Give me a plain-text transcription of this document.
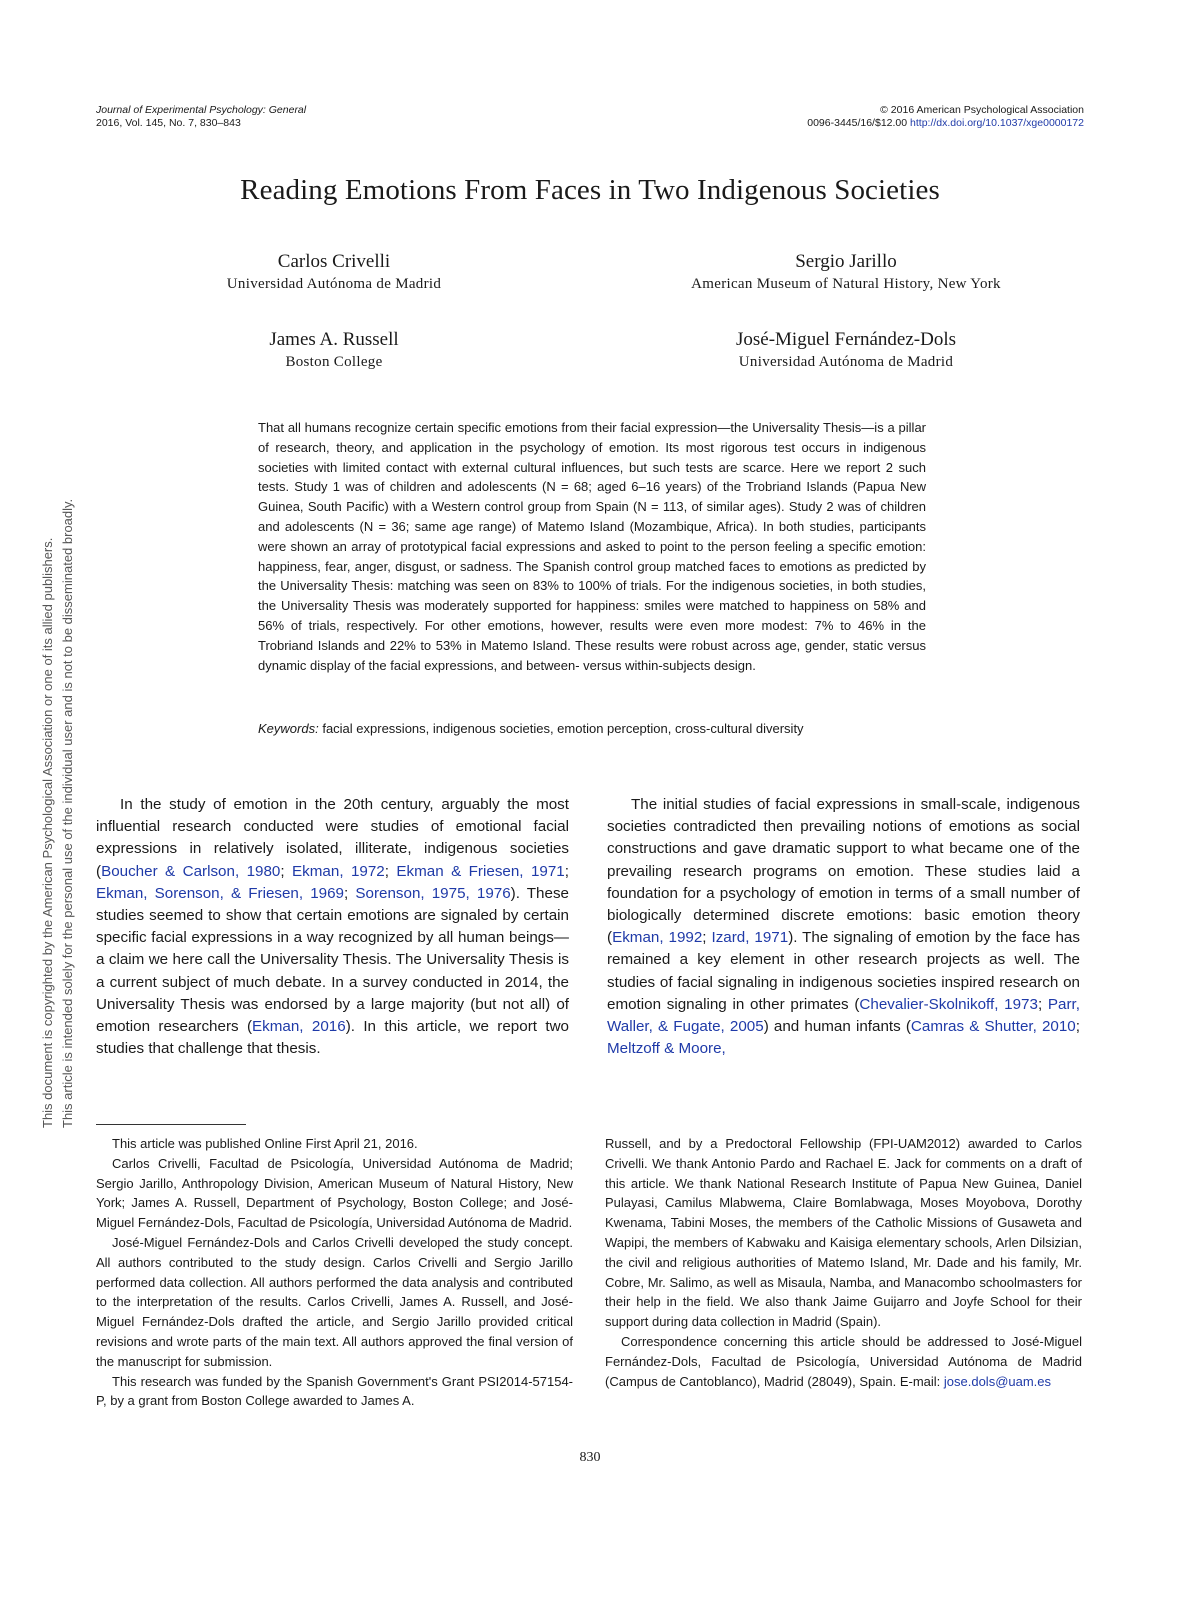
Journal of Experimental Psychology: General
2016, Vol. 145, No. 7, 830–843
© 2016 American Psychological Association
0096-3445/16/$12.00 http://dx.doi.org/10.1037/xge0000172
This document is copyrighted by the American Psychological Association or one of its allied publishers. This article is intended solely for the personal use of the individual user and is not to be disseminated broadly.
Reading Emotions From Faces in Two Indigenous Societies
Carlos Crivelli
Universidad Autónoma de Madrid
Sergio Jarillo
American Museum of Natural History, New York
James A. Russell
Boston College
José-Miguel Fernández-Dols
Universidad Autónoma de Madrid
That all humans recognize certain specific emotions from their facial expression—the Universality Thesis—is a pillar of research, theory, and application in the psychology of emotion. Its most rigorous test occurs in indigenous societies with limited contact with external cultural influences, but such tests are scarce. Here we report 2 such tests. Study 1 was of children and adolescents (N = 68; aged 6–16 years) of the Trobriand Islands (Papua New Guinea, South Pacific) with a Western control group from Spain (N = 113, of similar ages). Study 2 was of children and adolescents (N = 36; same age range) of Matemo Island (Mozambique, Africa). In both studies, participants were shown an array of prototypical facial expressions and asked to point to the person feeling a specific emotion: happiness, fear, anger, disgust, or sadness. The Spanish control group matched faces to emotions as predicted by the Universality Thesis: matching was seen on 83% to 100% of trials. For the indigenous societies, in both studies, the Universality Thesis was moderately supported for happiness: smiles were matched to happiness on 58% and 56% of trials, respectively. For other emotions, however, results were even more modest: 7% to 46% in the Trobriand Islands and 22% to 53% in Matemo Island. These results were robust across age, gender, static versus dynamic display of the facial expressions, and between- versus within-subjects design.
Keywords: facial expressions, indigenous societies, emotion perception, cross-cultural diversity

In the study of emotion in the 20th century, arguably the most influential research conducted were studies of emotional facial expressions in relatively isolated, illiterate, indigenous societies (Boucher & Carlson, 1980; Ekman, 1972; Ekman & Friesen, 1971; Ekman, Sorenson, & Friesen, 1969; Sorenson, 1975, 1976). These studies seemed to show that certain emotions are signaled by certain specific facial expressions in a way recognized by all human beings—a claim we here call the Universality Thesis. The Universality Thesis is a current subject of much debate. In a survey conducted in 2014, the Universality Thesis was endorsed by a large majority (but not all) of emotion researchers (Ekman, 2016). In this article, we report two studies that challenge that thesis.

The initial studies of facial expressions in small-scale, indigenous societies contradicted then prevailing notions of emotions as social constructions and gave dramatic support to what became one of the prevailing research programs on emotion. These studies laid a foundation for a psychology of emotion in terms of a small number of biologically determined discrete emotions: basic emotion theory (Ekman, 1992; Izard, 1971). The signaling of emotion by the face has remained a key element in other research projects as well. The studies of facial signaling in indigenous societies inspired research on emotion signaling in other primates (Chevalier-Skolnikoff, 1973; Parr, Waller, & Fugate, 2005) and human infants (Camras & Shutter, 2010; Meltzoff & Moore,

This article was published Online First April 21, 2016.

Carlos Crivelli, Facultad de Psicología, Universidad Autónoma de Madrid; Sergio Jarillo, Anthropology Division, American Museum of Natural History, New York; James A. Russell, Department of Psychology, Boston College; and José-Miguel Fernández-Dols, Facultad de Psicología, Universidad Autónoma de Madrid.

José-Miguel Fernández-Dols and Carlos Crivelli developed the study concept. All authors contributed to the study design. Carlos Crivelli and Sergio Jarillo performed data collection. All authors performed the data analysis and contributed to the interpretation of the results. Carlos Crivelli, James A. Russell, and José-Miguel Fernández-Dols drafted the article, and Sergio Jarillo provided critical revisions and wrote parts of the main text. All authors approved the final version of the manuscript for submission.

This research was funded by the Spanish Government's Grant PSI2014-57154-P, by a grant from Boston College awarded to James A.

Russell, and by a Predoctoral Fellowship (FPI-UAM2012) awarded to Carlos Crivelli. We thank Antonio Pardo and Rachael E. Jack for comments on a draft of this article. We thank National Research Institute of Papua New Guinea, Daniel Pulayasi, Camilus Mlabwema, Claire Bomlabwaga, Moses Moyobova, Dorothy Kwenama, Tabini Moses, the members of the Catholic Missions of Gusaweta and Wapipi, the members of Kabwaku and Kaisiga elementary schools, Arlen Dilsizian, the civil and religious authorities of Matemo Island, Mr. Dade and his family, Mr. Cobre, Mr. Salimo, as well as Misaula, Namba, and Manacombo schoolmasters for their help in the field. We also thank Jaime Guijarro and Joyfe School for their support during data collection in Madrid (Spain).

Correspondence concerning this article should be addressed to José-Miguel Fernández-Dols, Facultad de Psicología, Universidad Autónoma de Madrid (Campus de Cantoblanco), Madrid (28049), Spain. E-mail: jose.dols@uam.es

830
